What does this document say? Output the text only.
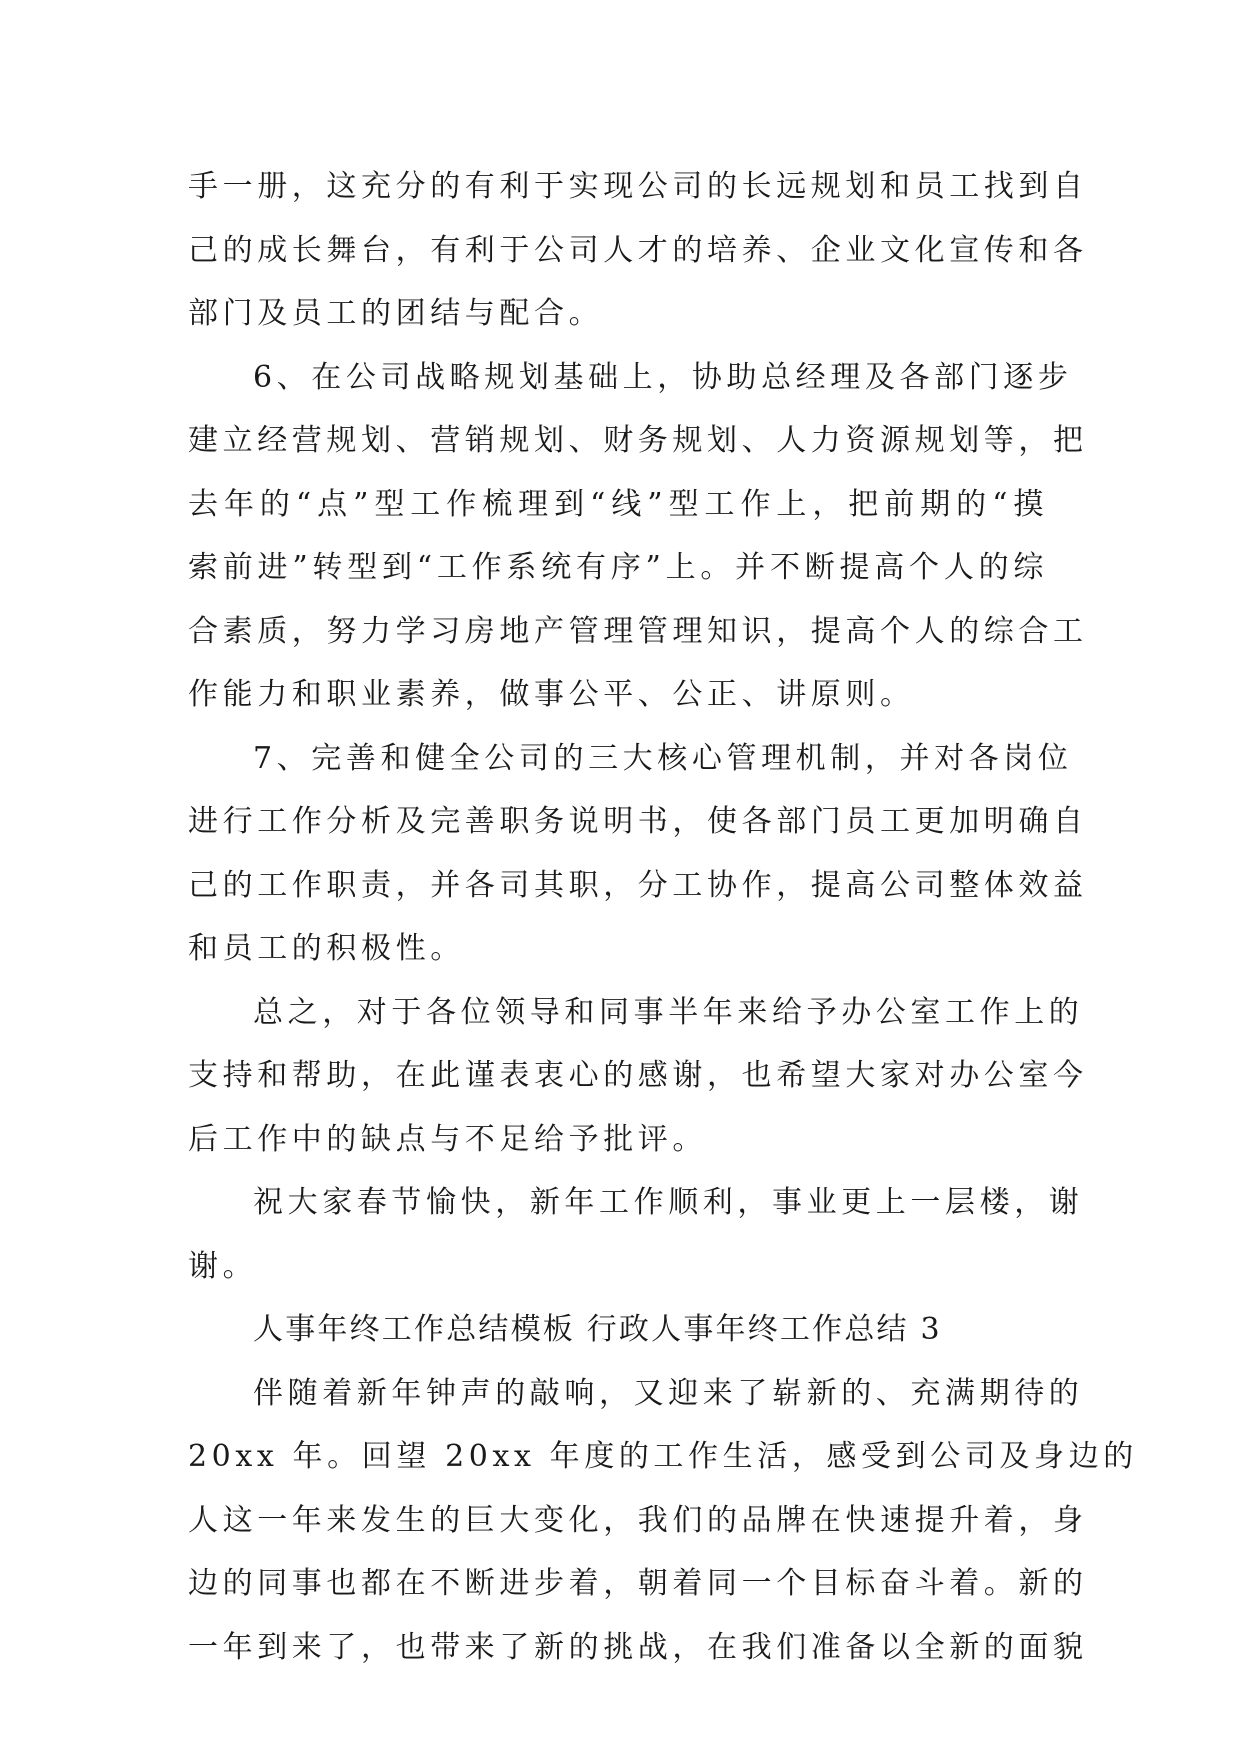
手一册，这充分的有利于实现公司的长远规划和员工找到自
己的成长舞台，有利于公司人才的培养、企业文化宣传和各
部门及员工的团结与配合。
6、在公司战略规划基础上，协助总经理及各部门逐步
建立经营规划、营销规划、财务规划、人力资源规划等，把
去年的“点”型工作梳理到“线”型工作上，把前期的“摸
索前进”转型到“工作系统有序”上。并不断提高个人的综
合素质，努力学习房地产管理管理知识，提高个人的综合工
作能力和职业素养，做事公平、公正、讲原则。
7、完善和健全公司的三大核心管理机制，并对各岗位
进行工作分析及完善职务说明书，使各部门员工更加明确自
己的工作职责，并各司其职，分工协作，提高公司整体效益
和员工的积极性。
总之，对于各位领导和同事半年来给予办公室工作上的
支持和帮助，在此谨表衷心的感谢，也希望大家对办公室今
后工作中的缺点与不足给予批评。
祝大家春节愉快，新年工作顺利，事业更上一层楼，谢
谢。
人事年终工作总结模板 行政人事年终工作总结 3
伴随着新年钟声的敲响，又迎来了崭新的、充满期待的
20xx 年。回望 20xx 年度的工作生活，感受到公司及身边的
人这一年来发生的巨大变化，我们的品牌在快速提升着，身
边的同事也都在不断进步着，朝着同一个目标奋斗着。新的
一年到来了，也带来了新的挑战，在我们准备以全新的面貌
